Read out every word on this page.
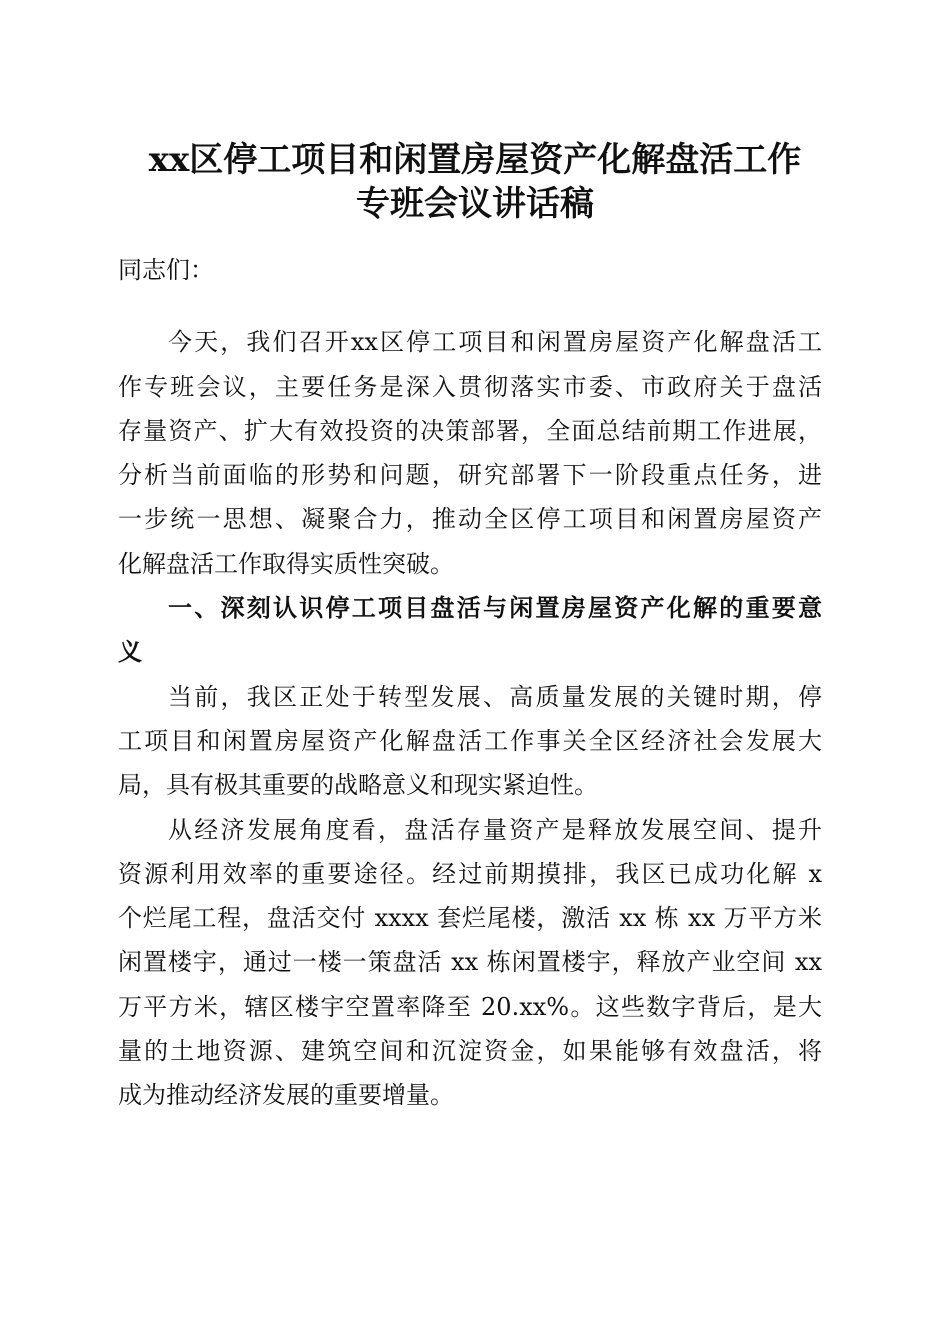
xx区停工项目和闲置房屋资产化解盘活工作
专班会议讲话稿
同志们：
今天，我们召开xx区停工项目和闲置房屋资产化解盘活工
作专班会议，主要任务是深入贯彻落实市委、市政府关于盘活
存量资产、扩大有效投资的决策部署，全面总结前期工作进展，
分析当前面临的形势和问题，研究部署下一阶段重点任务，进
一步统一思想、凝聚合力，推动全区停工项目和闲置房屋资产
化解盘活工作取得实质性突破。
一、深刻认识停工项目盘活与闲置房屋资产化解的重要意
义
当前，我区正处于转型发展、高质量发展的关键时期，停
工项目和闲置房屋资产化解盘活工作事关全区经济社会发展大
局，具有极其重要的战略意义和现实紧迫性。
从经济发展角度看，盘活存量资产是释放发展空间、提升
资源利用效率的重要途径。经过前期摸排，我区已成功化解 x
个烂尾工程，盘活交付 xxxx 套烂尾楼，激活 xx 栋 xx 万平方米
闲置楼宇，通过一楼一策盘活 xx 栋闲置楼宇，释放产业空间 xx
万平方米，辖区楼宇空置率降至 20.xx%。这些数字背后，是大
量的土地资源、建筑空间和沉淀资金，如果能够有效盘活，将
成为推动经济发展的重要增量。
